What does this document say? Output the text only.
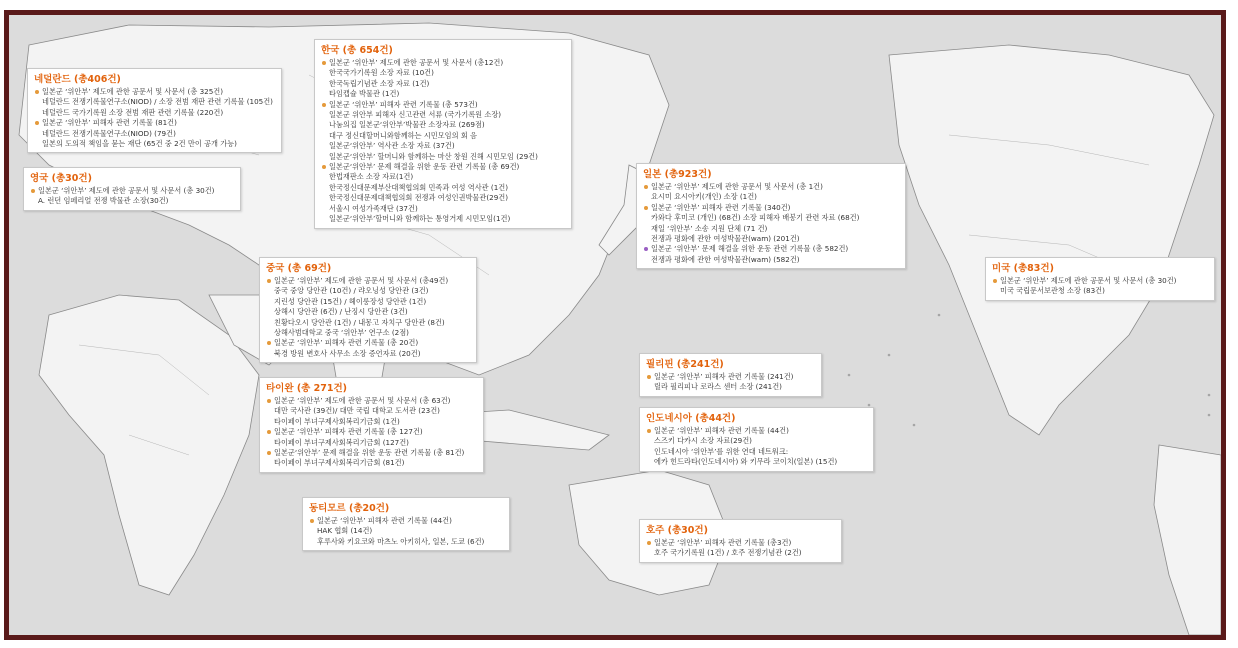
네덜란드 (총406건)
일본군 ‘위안부’ 제도에 관한 공문서 및 사문서 (총 325건)
네덜란드 전쟁기록물연구소(NIOD) / 소장 전범 재판 관련 기록물 (105건)
네덜란드 국가기록원 소장 전범 재판 관련 기록물 (220건)
일본군 ‘위안부’ 피해자 관련 기록물 (81건)
네덜란드 전쟁기록물연구소(NIOD) (79건)
일본의 도의적 책임을 묻는 재단 (65건 중 2건 만이 공개 가능)
영국 (총30건)
일본군 ‘위안부’ 제도에 관한 공문서 및 사문서 (총 30건)
A. 런던 임페리얼 전쟁 박물관 소장(30건)
한국 (총 654건)
일본군 ‘위안부’ 제도에 관한 공문서 및 사문서 (총12건)
한국국가기록원 소장 자료 (10건)
한국독립기념관 소장 자료 (1건)
타임캡슐 박물관 (1건)
일본군 ‘위안부’ 피해자 관련 기록물 (총 573건)
일본군 위안부 피해자 신고관련 서류 (국가기록원 소장)
나눔의집 일본군‘위안부’박물관 소장자료 (269점)
대구 정신대할머니와함께하는 시민모임의 회 음
일본군‘위안부’ 역사관 소장 자료 (37건)
일본군‘위안부’ 할머니와 함께하는 마산 창원 진해 시민모임 (29건)
일본군‘위안부’ 문제 해결을 위한 운동 관련 기록물 (총 69건)
한법재판소 소장 자료(1건)
한국정신대문제부산대책협의회 민족과 여성 역사관 (1건)
한국정신대문제대책협의회 전쟁과 여성인권박물관(29건)
서울시 여성가족재단 (37건)
일본군‘위안부’할머니와 함께하는 통영거제 시민모임(1건)
중국 (총 69건)
일본군 ‘위안부’ 제도에 관한 공문서 및 사문서 (총49건)
중국 중앙 당안관 (10건) / 랴오닝성 당안관 (3건)
지린성 당안관 (15건) / 헤이룽장성 당안관 (1건)
상해시 당안관 (6건) / 난징시 당안관 (3건)
친황다오시 당안관 (1건) / 내몽고 자치구 당안관 (8건)
상해사범대학교 중국 ‘위안부’ 연구소 (2점)
일본군 ‘위안부’ 피해자 관련 기록물 (총 20건)
북경 방원 변호사 사무소 소장 증언자료 (20건)
타이완 (총 271건)
일본군 ‘위안부’ 제도에 관한 공문서 및 사문서 (총 63건)
대만 국사관 (39건)/ 대만 국립 대학교 도서관 (23건)
타이페이 부녀구제사회복리기금회 (1건)
일본군 ‘위안부’ 피해자 관련 기록물 (총 127건)
타이페이 부녀구제사회복리기금회 (127건)
일본군‘위안부’ 문제 해결을 위한 운동 관련 기록물 (총 81건)
타이페이 부녀구제사회복리기금회 (81건)
동티모르 (총20건)
일본군 ‘위안부’ 피해자 관련 기록물 (44건)
HAK 협회 (14건)
후루사와 키요코와 마츠노 아키히사, 일본, 도쿄 (6건)
일본 (총923건)
일본군 ‘위안부’ 제도에 관한 공문서 및 사문서 (총 1건)
요시미 요시아키(개인) 소장 (1건)
일본군 ‘위안부’ 피해자 관련 기록물 (340건)
카와다 후미코 (개인) (68건) 소장 피해자 배봉기 관련 자료 (68건)
재일 ‘위안부’ 소송 지원 단체 (71 건)
전쟁과 평화에 관한 여성박물관(wam) (201건)
일본군 ‘위안부’ 문제 해결을 위한 운동 관련 기록물 (총 582건)
전쟁과 평화에 관한 여성박물관(wam) (582건)
미국 (총83건)
일본군 ‘위안부’ 제도에 관한 공문서 및 사문서 (총 30건)
미국 국립문서보관청 소장 (83건)
필리핀 (총241건)
일본군 ‘위안부’ 피해자 관련 기록물 (241건)
릴라 필리피나 로라스 센터 소장 (241건)
인도네시아 (총44건)
일본군 ‘위안부’ 피해자 관련 기록물 (44건)
스즈키 다카시 소장 자료(29건)
인도네시아 ‘위안부’를 위한 연대 네트워크:
에카 힌드라타(인도네시아) 와 키무라 코이치(일본) (15건)
호주 (총30건)
일본군 ‘위안부’ 피해자 관련 기록물 (총3건)
호주 국가기록원 (1건) / 호주 전쟁기념관 (2건)
